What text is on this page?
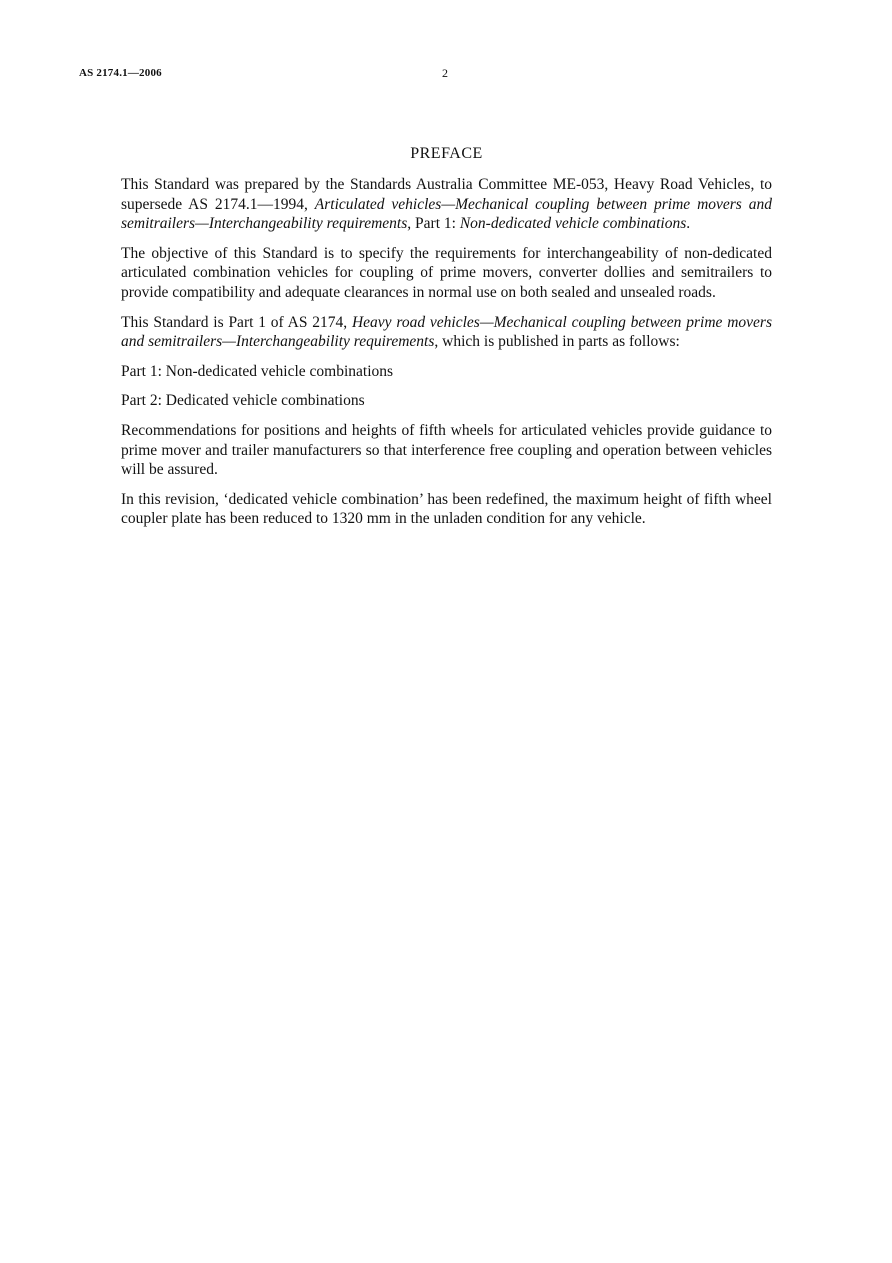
AS 2174.1—2006	2
PREFACE

This Standard was prepared by the Standards Australia Committee ME-053, Heavy Road Vehicles, to supersede AS 2174.1—1994, Articulated vehicles—Mechanical coupling between prime movers and semitrailers—Interchangeability requirements, Part 1: Non-dedicated vehicle combinations.

The objective of this Standard is to specify the requirements for interchangeability of non-dedicated articulated combination vehicles for coupling of prime movers, converter dollies and semitrailers to provide compatibility and adequate clearances in normal use on both sealed and unsealed roads.

This Standard is Part 1 of AS 2174, Heavy road vehicles—Mechanical coupling between prime movers and semitrailers—Interchangeability requirements, which is published in parts as follows:

Part 1: Non-dedicated vehicle combinations

Part 2: Dedicated vehicle combinations

Recommendations for positions and heights of fifth wheels for articulated vehicles provide guidance to prime mover and trailer manufacturers so that interference free coupling and operation between vehicles will be assured.

In this revision, ‘dedicated vehicle combination’ has been redefined, the maximum height of fifth wheel coupler plate has been reduced to 1320 mm in the unladen condition for any vehicle.
